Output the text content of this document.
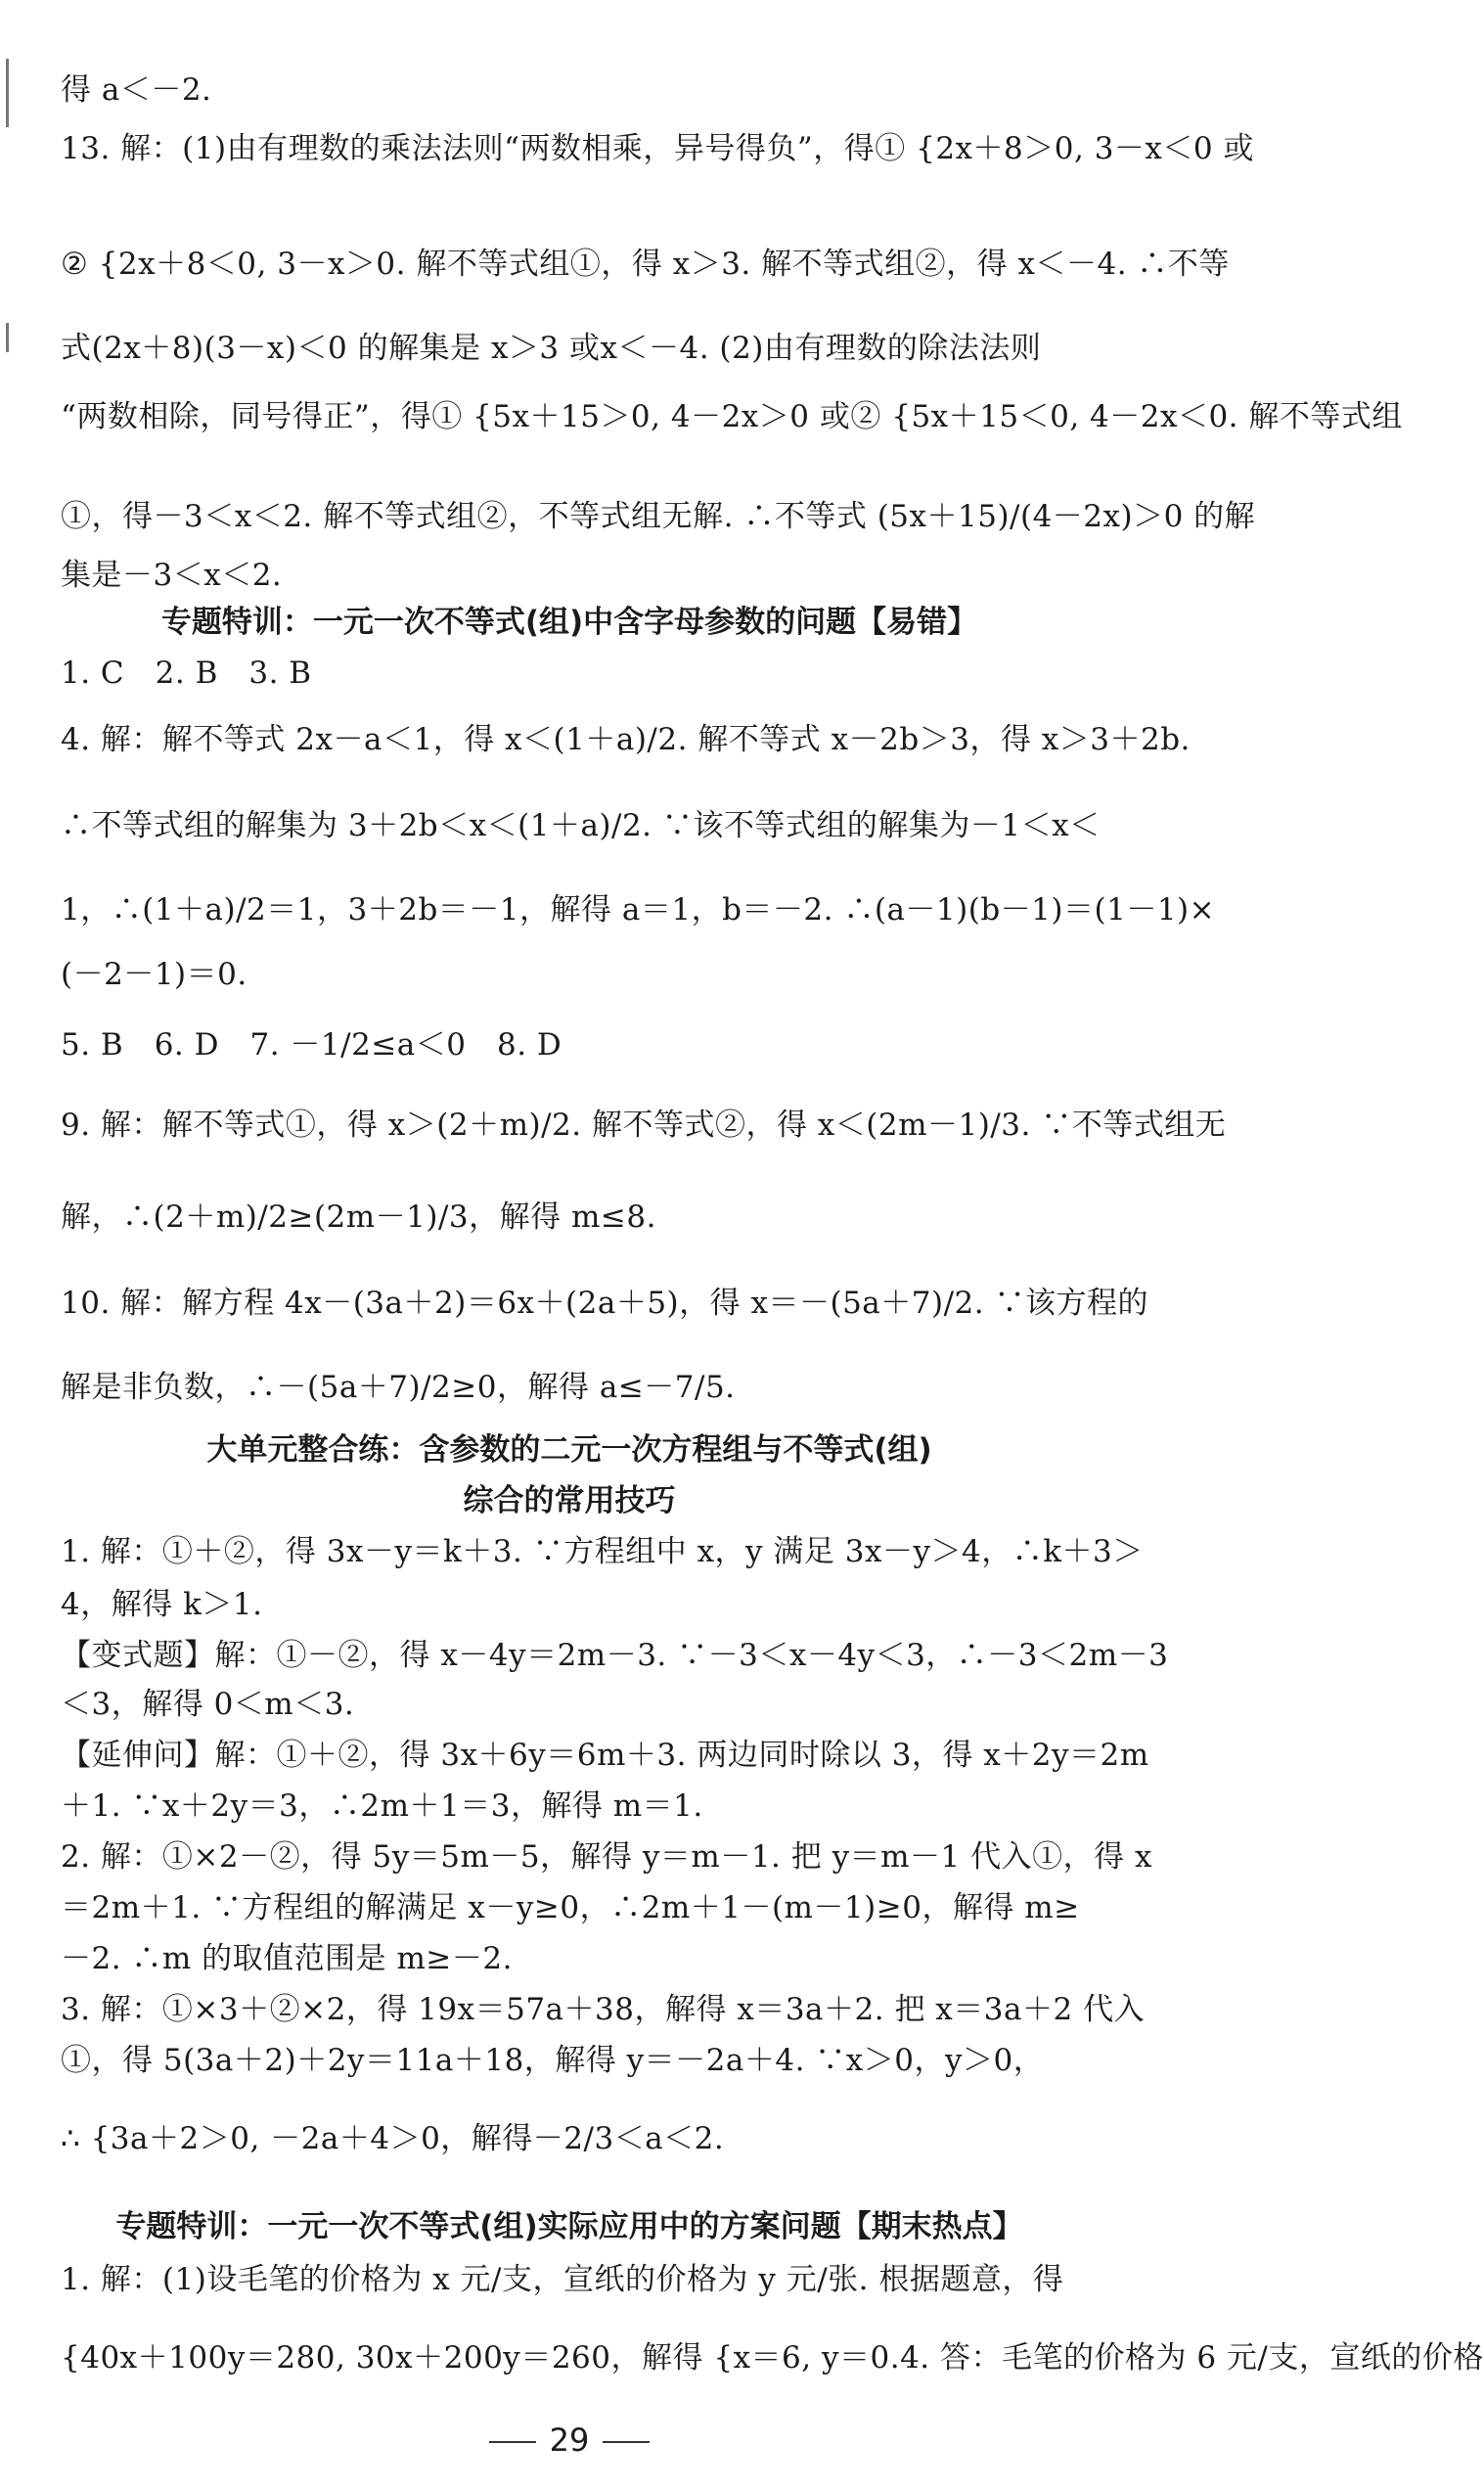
得 a＜－2.
13. 解：(1)由有理数的乘法法则“两数相乘，异号得负”，得① {2x＋8＞0, 3－x＜0 或
② {2x＋8＜0, 3－x＞0. 解不等式组①，得 x＞3. 解不等式组②，得 x＜－4. ∴不等
式(2x＋8)(3－x)＜0 的解集是 x＞3 或x＜－4. (2)由有理数的除法法则
“两数相除，同号得正”，得① {5x＋15＞0, 4－2x＞0 或② {5x＋15＜0, 4－2x＜0. 解不等式组
①，得－3＜x＜2. 解不等式组②，不等式组无解. ∴不等式 (5x＋15)/(4－2x)＞0 的解
集是－3＜x＜2.
专题特训：一元一次不等式(组)中含字母参数的问题【易错】
1. C　2. B　3. B
4. 解：解不等式 2x－a＜1，得 x＜(1＋a)/2. 解不等式 x－2b＞3，得 x＞3＋2b.
∴不等式组的解集为 3＋2b＜x＜(1＋a)/2. ∵该不等式组的解集为－1＜x＜
1，∴(1＋a)/2＝1，3＋2b＝－1，解得 a＝1，b＝－2. ∴(a－1)(b－1)＝(1－1)×
(－2－1)＝0.
5. B　6. D　7. －1/2≤a＜0　8. D
9. 解：解不等式①，得 x＞(2＋m)/2. 解不等式②，得 x＜(2m－1)/3. ∵不等式组无
解，∴(2＋m)/2≥(2m－1)/3，解得 m≤8.
10. 解：解方程 4x－(3a＋2)＝6x＋(2a＋5)，得 x＝－(5a＋7)/2. ∵该方程的
解是非负数，∴－(5a＋7)/2≥0，解得 a≤－7/5.
大单元整合练：含参数的二元一次方程组与不等式(组)
综合的常用技巧
1. 解：①＋②，得 3x－y＝k＋3. ∵方程组中 x，y 满足 3x－y＞4，∴k＋3＞
4，解得 k＞1.
【变式题】解：①－②，得 x－4y＝2m－3. ∵－3＜x－4y＜3，∴－3＜2m－3
＜3，解得 0＜m＜3.
【延伸问】解：①＋②，得 3x＋6y＝6m＋3. 两边同时除以 3，得 x＋2y＝2m
＋1. ∵x＋2y＝3，∴2m＋1＝3，解得 m＝1.
2. 解：①×2－②，得 5y＝5m－5，解得 y＝m－1. 把 y＝m－1 代入①，得 x
＝2m＋1. ∵方程组的解满足 x－y≥0，∴2m＋1－(m－1)≥0，解得 m≥
－2. ∴m 的取值范围是 m≥－2.
3. 解：①×3＋②×2，得 19x＝57a＋38，解得 x＝3a＋2. 把 x＝3a＋2 代入
①，得 5(3a＋2)＋2y＝11a＋18，解得 y＝－2a＋4. ∵x＞0，y＞0，
∴ {3a＋2＞0, －2a＋4＞0，解得－2/3＜a＜2.
专题特训：一元一次不等式(组)实际应用中的方案问题【期末热点】
1. 解：(1)设毛笔的价格为 x 元/支，宣纸的价格为 y 元/张. 根据题意，得
{40x＋100y＝280, 30x＋200y＝260，解得 {x＝6, y＝0.4. 答：毛笔的价格为 6 元/支，宣纸的价格
29
